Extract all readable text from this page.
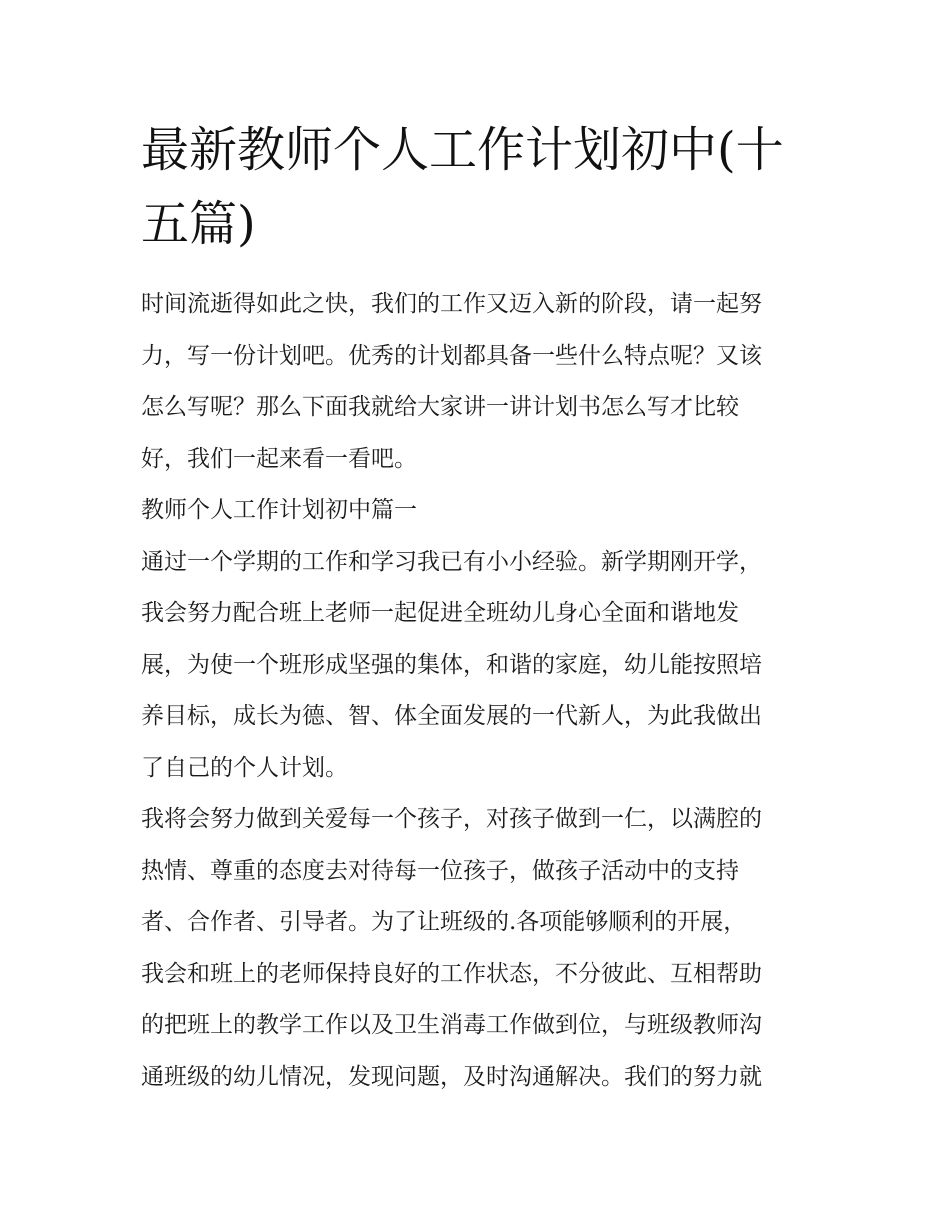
最新教师个人工作计划初中(十
五篇)

时间流逝得如此之快，我们的工作又迈入新的阶段，请一起努
力，写一份计划吧。优秀的计划都具备一些什么特点呢？又该
怎么写呢？那么下面我就给大家讲一讲计划书怎么写才比较
好，我们一起来看一看吧。

教师个人工作计划初中篇一

通过一个学期的工作和学习我已有小小经验。新学期刚开学，
我会努力配合班上老师一起促进全班幼儿身心全面和谐地发
展，为使一个班形成坚强的集体，和谐的家庭，幼儿能按照培
养目标，成长为德、智、体全面发展的一代新人，为此我做出
了自己的个人计划。

我将会努力做到关爱每一个孩子，对孩子做到一仁，以满腔的
热情、尊重的态度去对待每一位孩子，做孩子活动中的支持
者、合作者、引导者。为了让班级的.各项能够顺利的开展，
我会和班上的老师保持良好的工作状态，不分彼此、互相帮助
的把班上的教学工作以及卫生消毒工作做到位，与班级教师沟
通班级的幼儿情况，发现问题，及时沟通解决。我们的努力就
